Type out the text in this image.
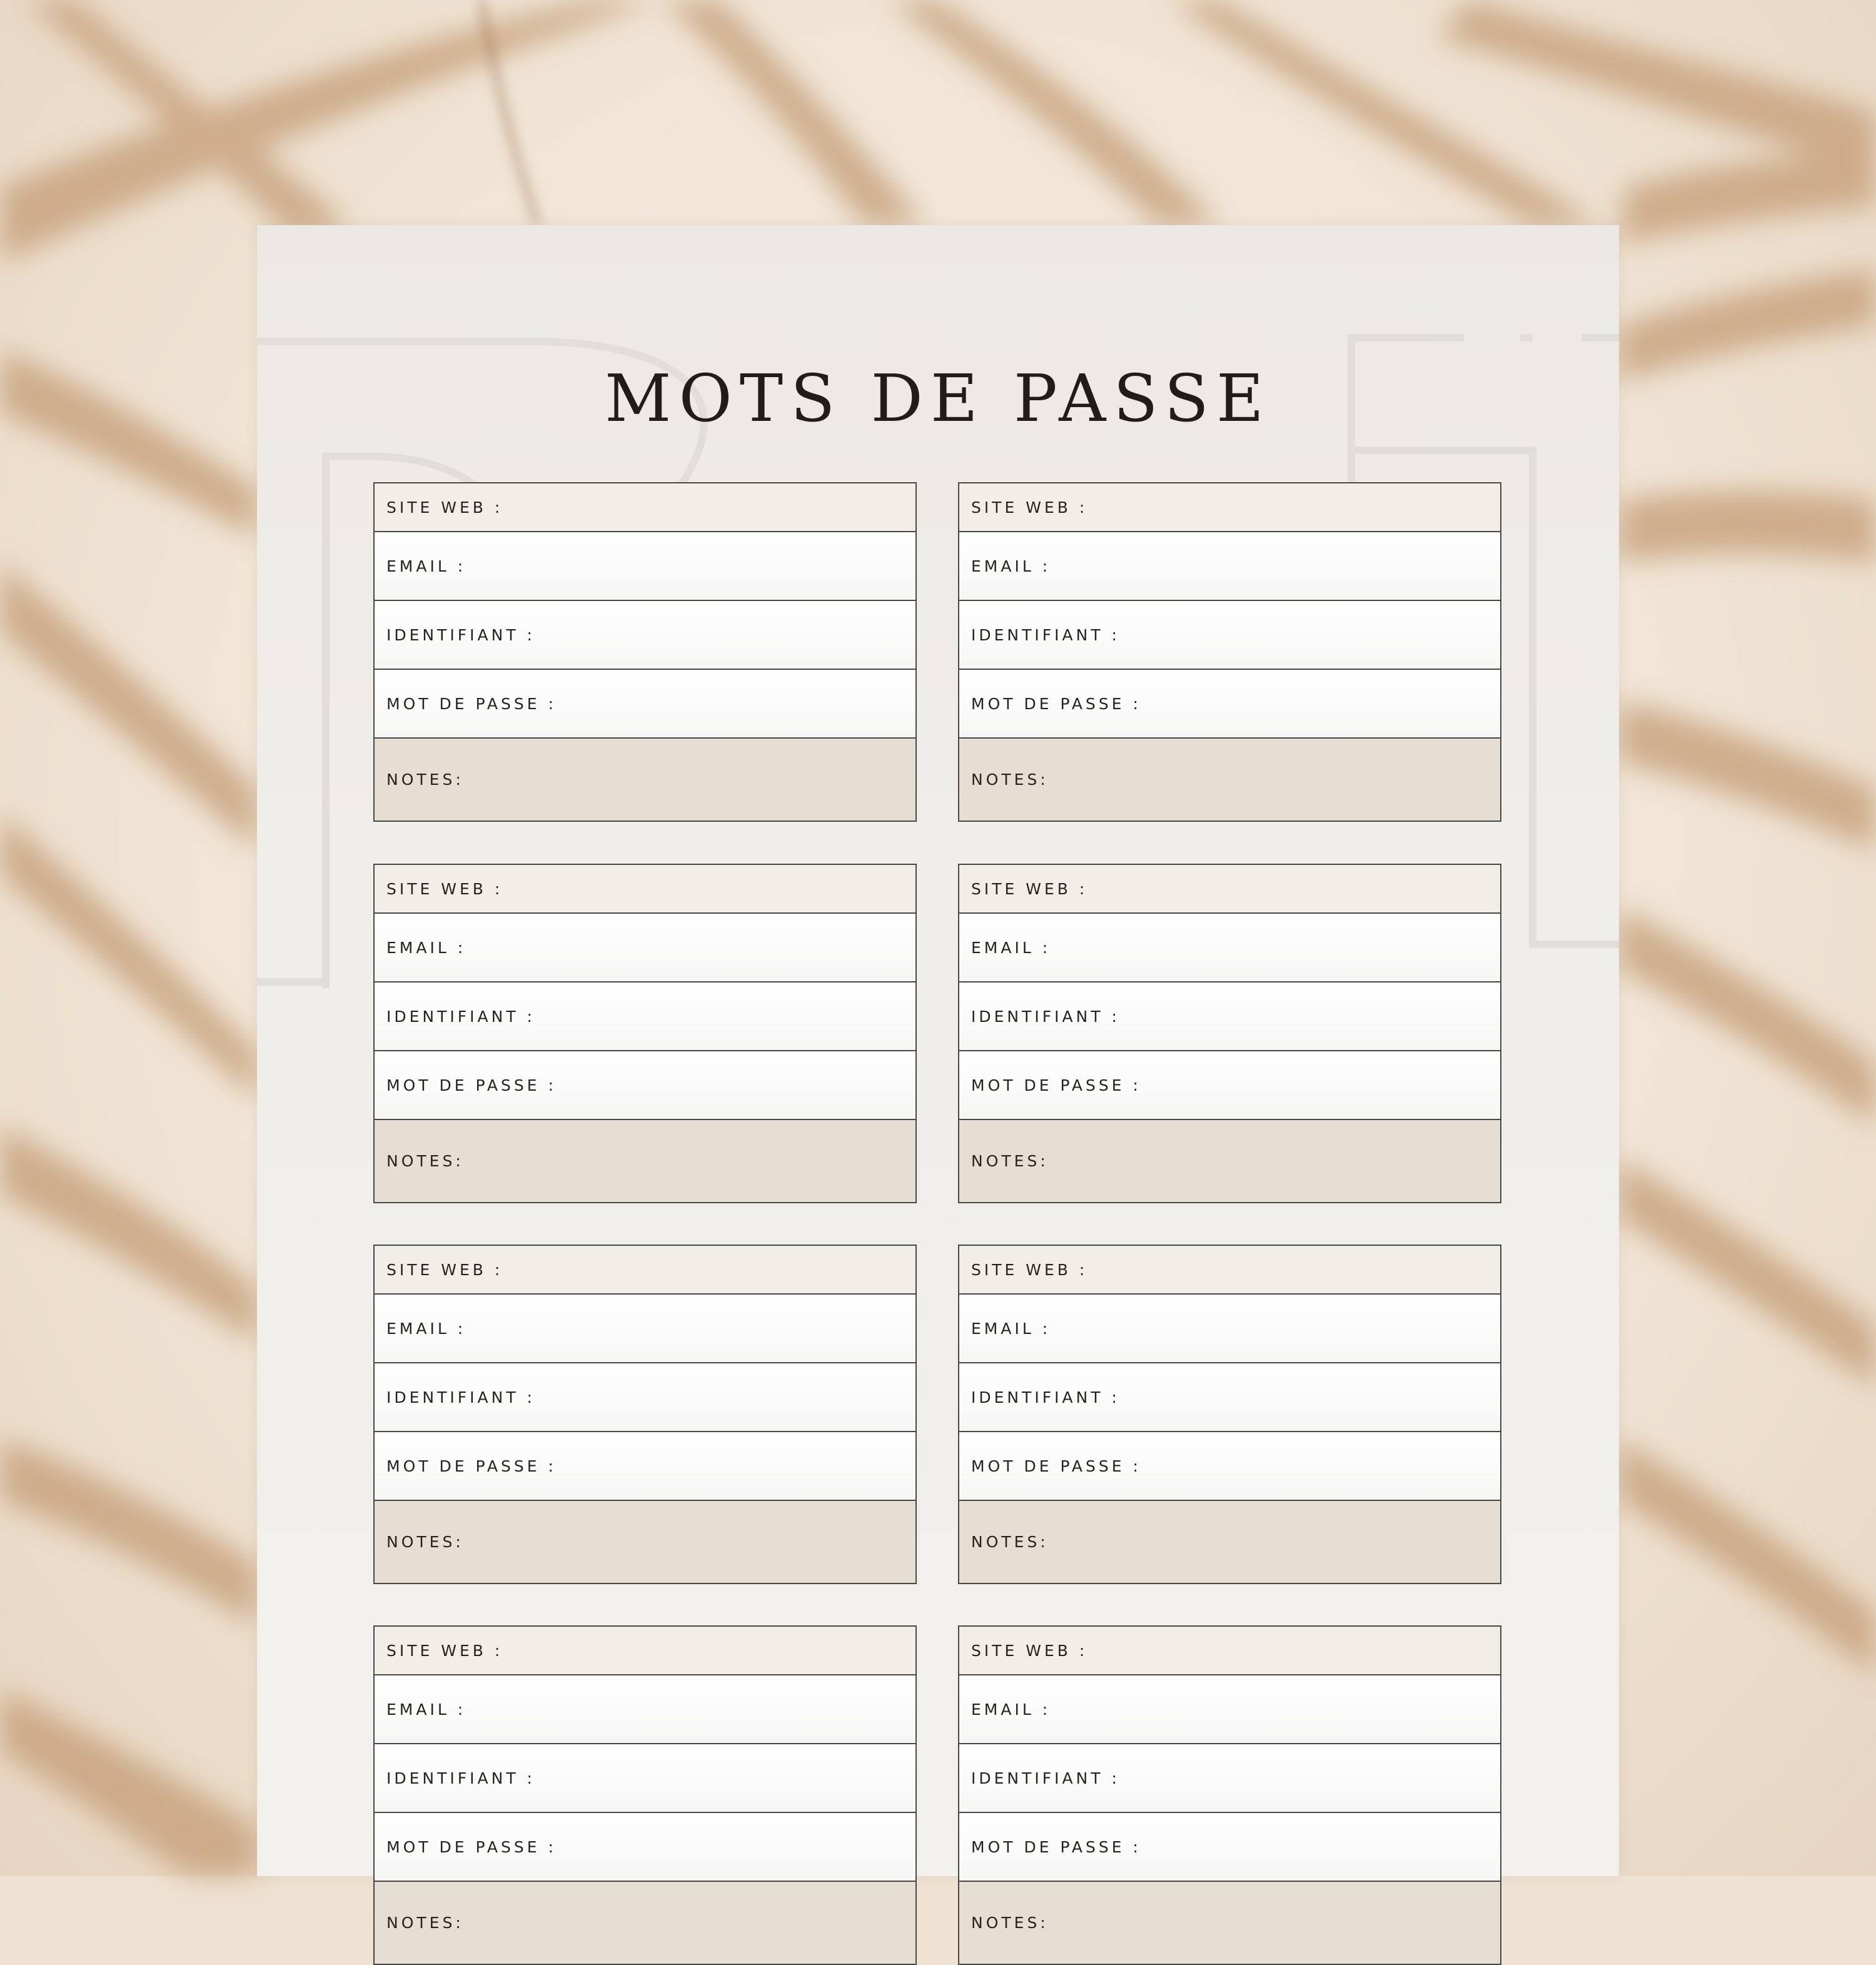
MOTS DE PASSE
SITE WEB :
EMAIL :
IDENTIFIANT :
MOT DE PASSE :
NOTES:
SITE WEB :
EMAIL :
IDENTIFIANT :
MOT DE PASSE :
NOTES:
SITE WEB :
EMAIL :
IDENTIFIANT :
MOT DE PASSE :
NOTES:
SITE WEB :
EMAIL :
IDENTIFIANT :
MOT DE PASSE :
NOTES:
SITE WEB :
EMAIL :
IDENTIFIANT :
MOT DE PASSE :
NOTES:
SITE WEB :
EMAIL :
IDENTIFIANT :
MOT DE PASSE :
NOTES:
SITE WEB :
EMAIL :
IDENTIFIANT :
MOT DE PASSE :
NOTES:
SITE WEB :
EMAIL :
IDENTIFIANT :
MOT DE PASSE :
NOTES:
